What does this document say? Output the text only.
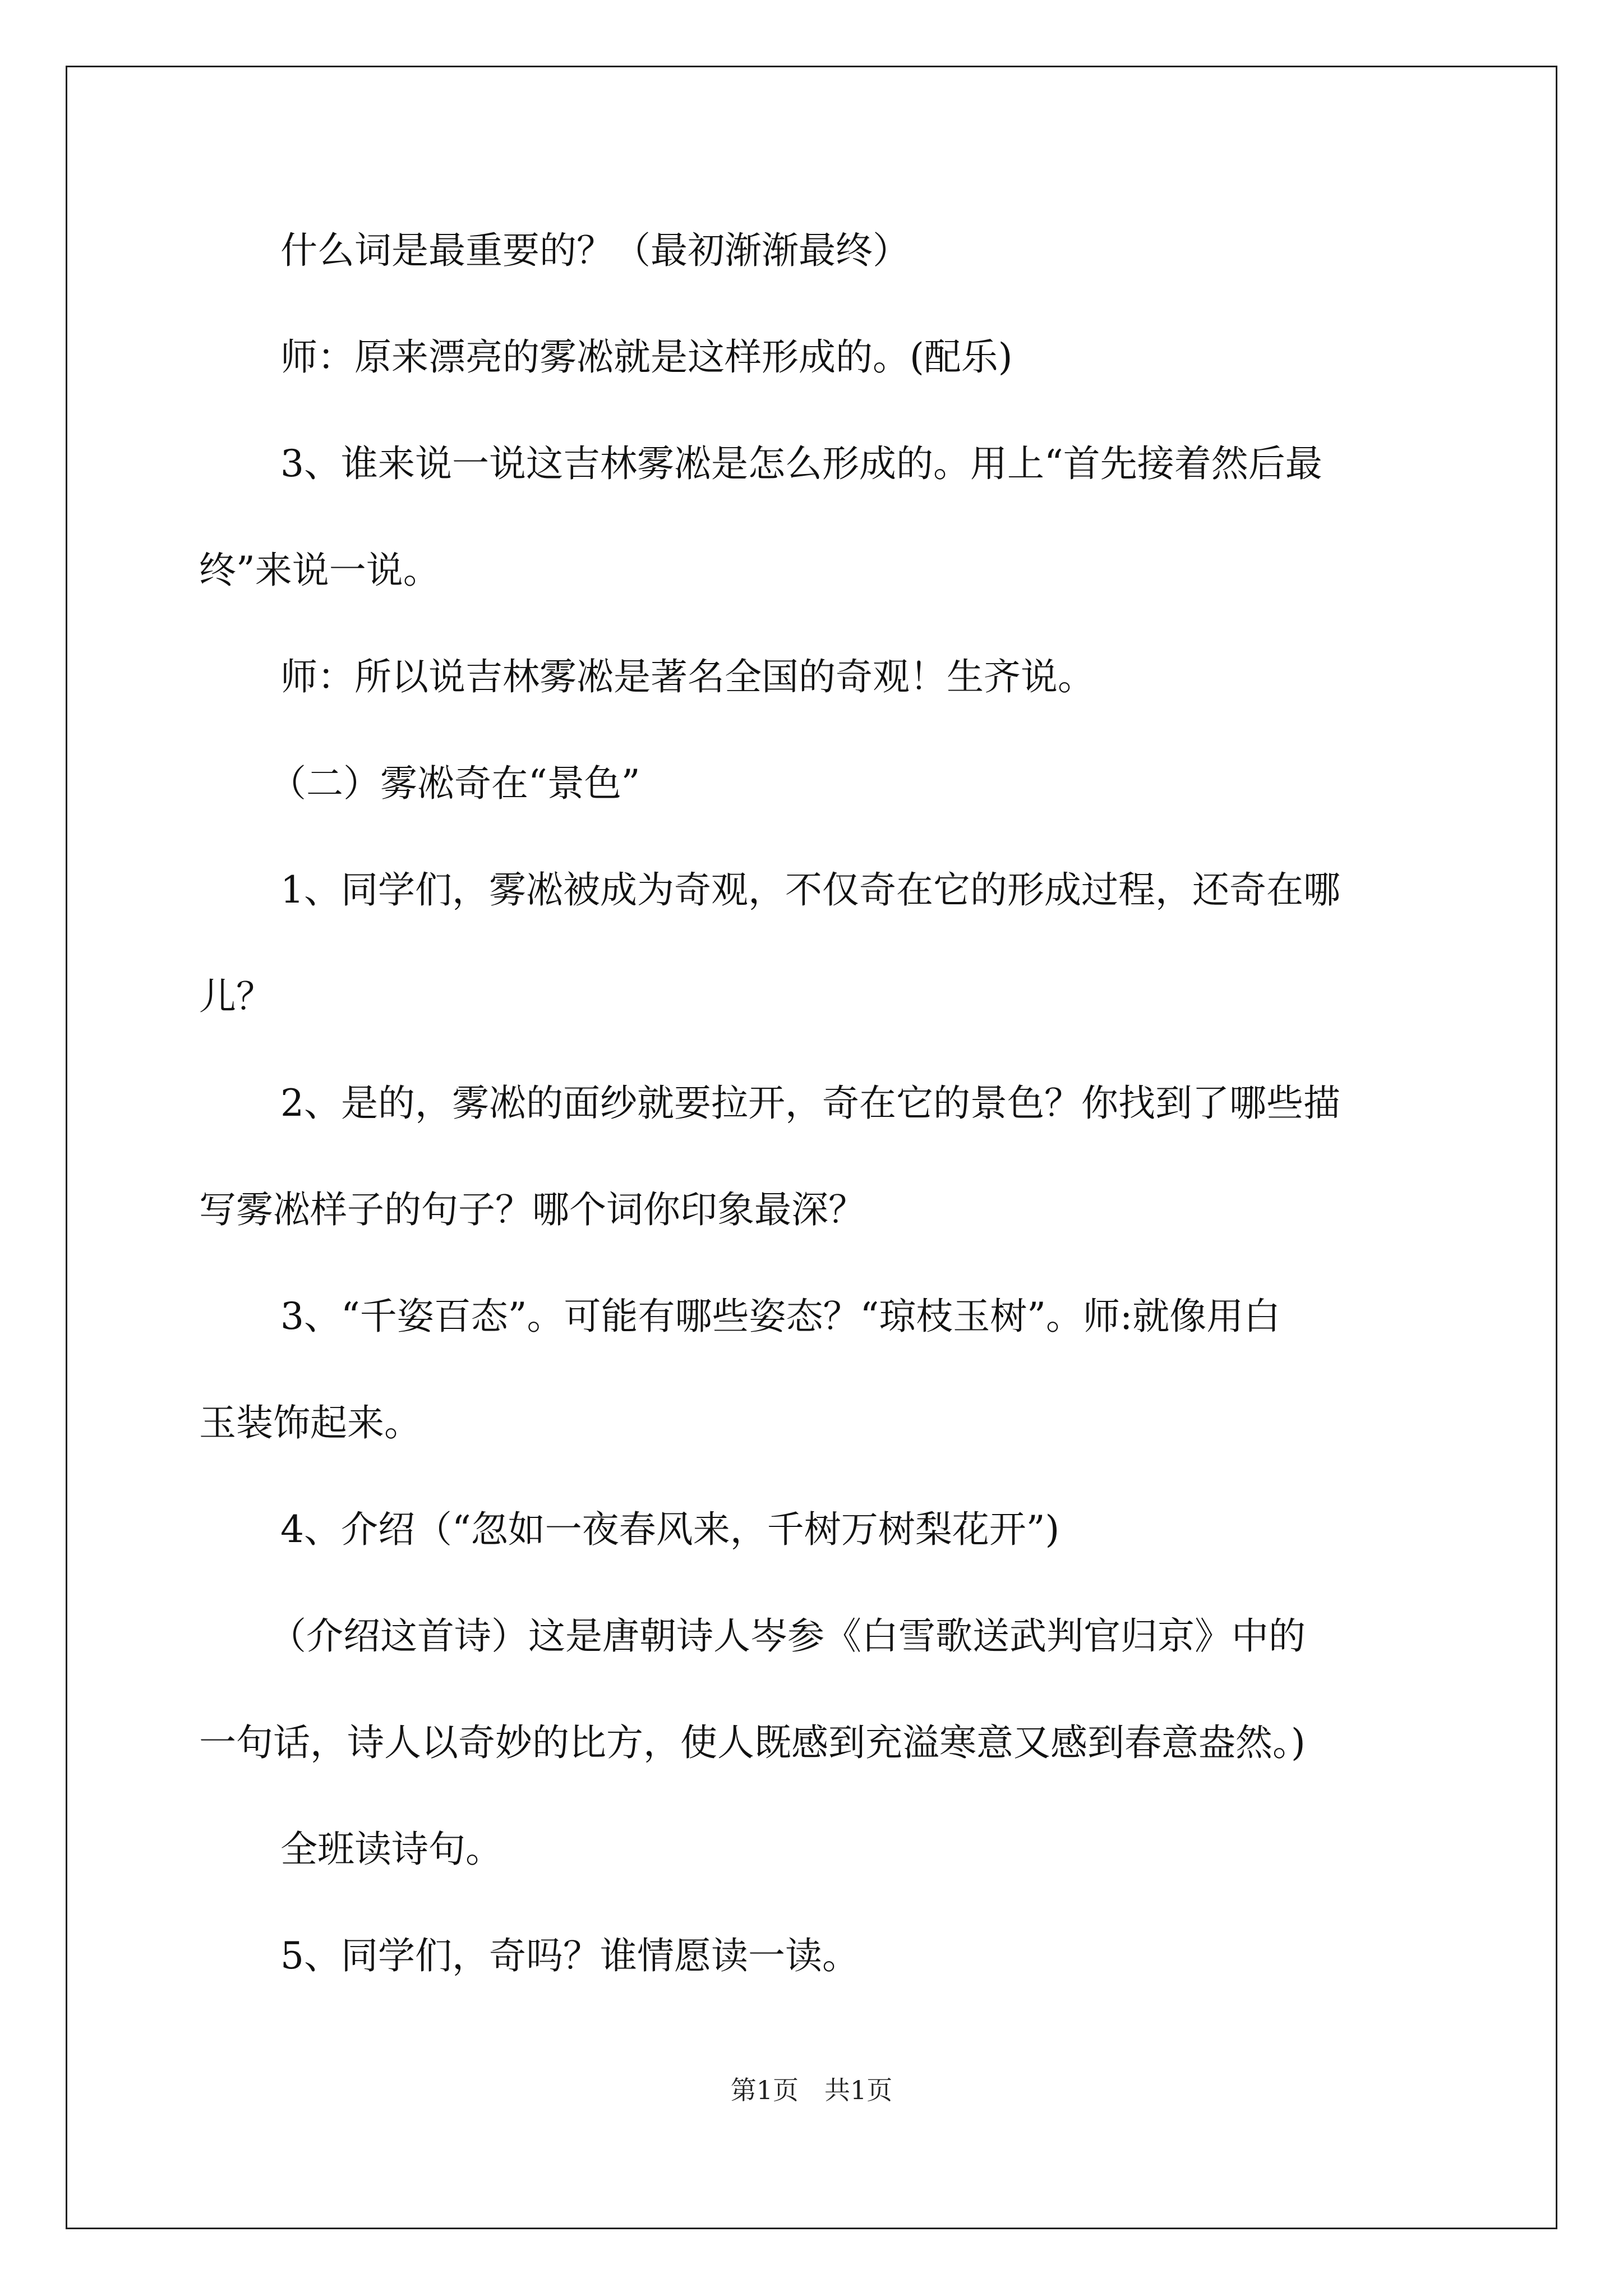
什么词是最重要的？（最初渐渐最终）

师：原来漂亮的雾凇就是这样形成的。(配乐)

3、谁来说一说这吉林雾凇是怎么形成的。用上“首先接着然后最

终”来说一说。

师：所以说吉林雾凇是著名全国的奇观！生齐说。

（二）雾凇奇在“景色”

1、同学们，雾凇被成为奇观，不仅奇在它的形成过程，还奇在哪

儿？

2、是的，雾凇的面纱就要拉开，奇在它的景色？你找到了哪些描

写雾凇样子的句子？哪个词你印象最深？

3、“千姿百态”。可能有哪些姿态？“琼枝玉树”。师:就像用白

玉装饰起来。

4、介绍（“忽如一夜春风来，千树万树梨花开”)

（介绍这首诗）这是唐朝诗人岑参《白雪歌送武判官归京》中的

一句话，诗人以奇妙的比方，使人既感到充溢寒意又感到春意盎然。)

全班读诗句。

5、同学们，奇吗？谁情愿读一读。

第1页　共1页
